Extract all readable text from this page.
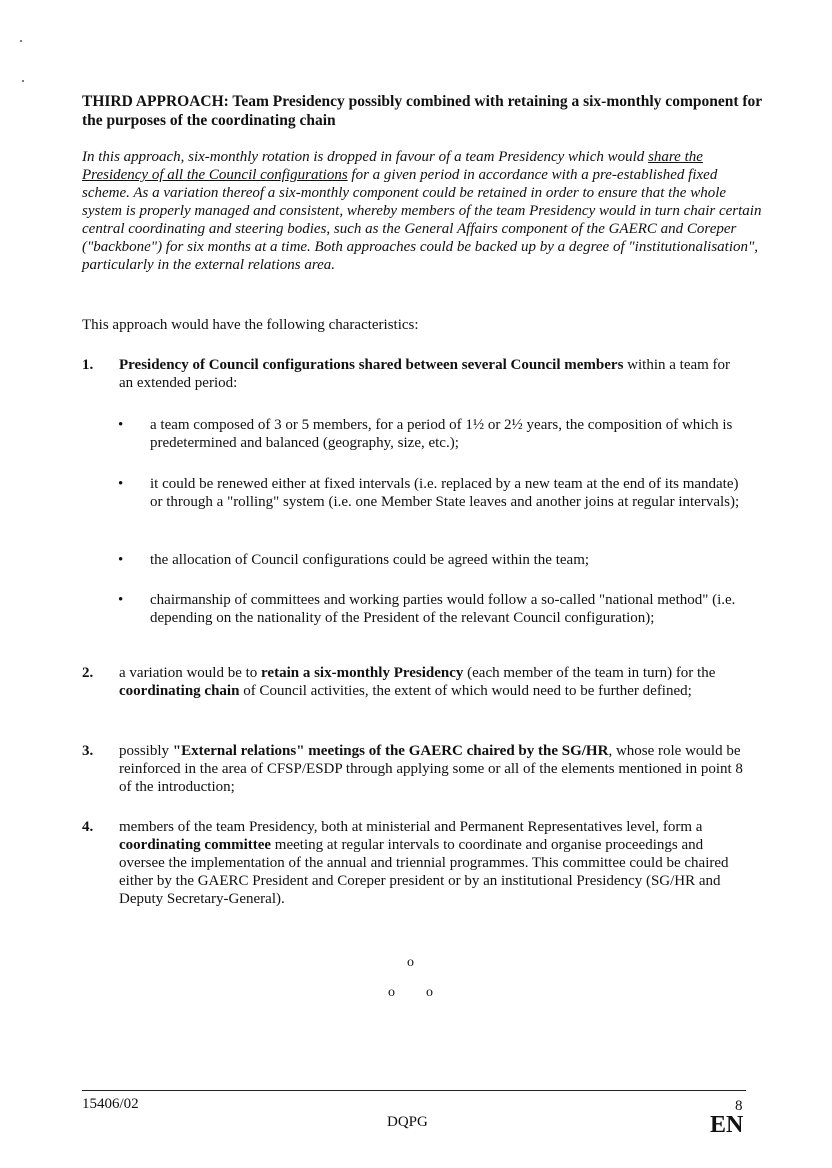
THIRD APPROACH: Team Presidency possibly combined with retaining a six-monthly component for the purposes of the coordinating chain

In this approach, six-monthly rotation is dropped in favour of a team Presidency which would share the Presidency of all the Council configurations for a given period in accordance with a pre-established fixed scheme. As a variation thereof a six-monthly component could be retained in order to ensure that the whole system is properly managed and consistent, whereby members of the team Presidency would in turn chair certain central coordinating and steering bodies, such as the General Affairs component of the GAERC and Coreper ("backbone") for six months at a time. Both approaches could be backed up by a degree of "institutionalisation", particularly in the external relations area.

This approach would have the following characteristics:

1.	Presidency of Council configurations shared between several Council members within a team for an extended period:
• a team composed of 3 or 5 members, for a period of 1½ or 2½ years, the composition of which is predetermined and balanced (geography, size, etc.);
• it could be renewed either at fixed intervals (i.e. replaced by a new team at the end of its mandate) or through a "rolling" system (i.e. one Member State leaves and another joins at regular intervals);
• the allocation of Council configurations could be agreed within the team;
• chairmanship of committees and working parties would follow a so-called "national method" (i.e. depending on the nationality of the President of the relevant Council configuration);
2.	a variation would be to retain a six-monthly Presidency (each member of the team in turn) for the coordinating chain of Council activities, the extent of which would need to be further defined;
3.	possibly "External relations" meetings of the GAERC chaired by the SG/HR, whose role would be reinforced in the area of CFSP/ESDP through applying some or all of the elements mentioned in point 8 of the introduction;
4.	members of the team Presidency, both at ministerial and Permanent Representatives level, form a coordinating committee meeting at regular intervals to coordinate and organise proceedings and oversee the implementation of the annual and triennial programmes. This committee could be chaired either by the GAERC President and Coreper president or by an institutional Presidency (SG/HR and Deputy Secretary-General).
o
o o
15406/02	8
DQPG	EN
